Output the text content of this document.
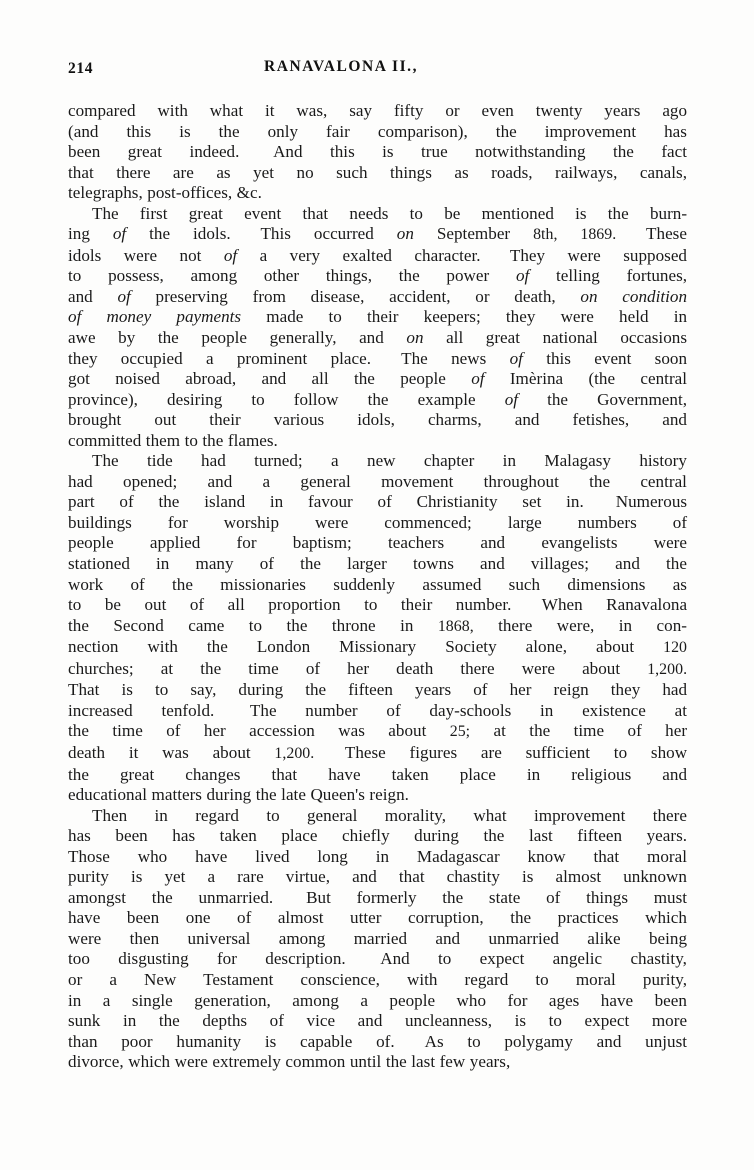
214	RANAVALONA II.,

compared with what it was, say fifty or even twenty years ago(and this is the only fair comparison), the improvement hasbeen great indeed. And this is true notwithstanding the factthat there are as yet no such things as roads, railways, canals,telegraphs, post-offices, &c.

The first great event that needs to be mentioned is the burn-ing of the idols. This occurred on September 8th, 1869. Theseidols were not of a very exalted character. They were supposedto possess, among other things, the power of telling fortunes,and of preserving from disease, accident, or death, on conditionof money payments made to their keepers; they were held inawe by the people generally, and on all great national occasionsthey occupied a prominent place. The news of this event soongot noised abroad, and all the people of Imèrina (the centralprovince), desiring to follow the example of the Government,brought out their various idols, charms, and fetishes, andcommitted them to the flames.

The tide had turned; a new chapter in Malagasy historyhad opened; and a general movement throughout the centralpart of the island in favour of Christianity set in. Numerousbuildings for worship were commenced; large numbers ofpeople applied for baptism; teachers and evangelists werestationed in many of the larger towns and villages; and thework of the missionaries suddenly assumed such dimensions asto be out of all proportion to their number. When Ranavalonathe Second came to the throne in 1868, there were, in con-nection with the London Missionary Society alone, about 120churches; at the time of her death there were about 1,200.That is to say, during the fifteen years of her reign they hadincreased tenfold. The number of day-schools in existence atthe time of her accession was about 25; at the time of herdeath it was about 1,200. These figures are sufficient to showthe great changes that have taken place in religious andeducational matters during the late Queen's reign.

Then in regard to general morality, what improvement therehas been has taken place chiefly during the last fifteen years.Those who have lived long in Madagascar know that moralpurity is yet a rare virtue, and that chastity is almost unknownamongst the unmarried. But formerly the state of things musthave been one of almost utter corruption, the practices whichwere then universal among married and unmarried alike beingtoo disgusting for description. And to expect angelic chastity,or a New Testament conscience, with regard to moral purity,in a single generation, among a people who for ages have beensunk in the depths of vice and uncleanness, is to expect morethan poor humanity is capable of. As to polygamy and unjustdivorce, which were extremely common until the last few years,
